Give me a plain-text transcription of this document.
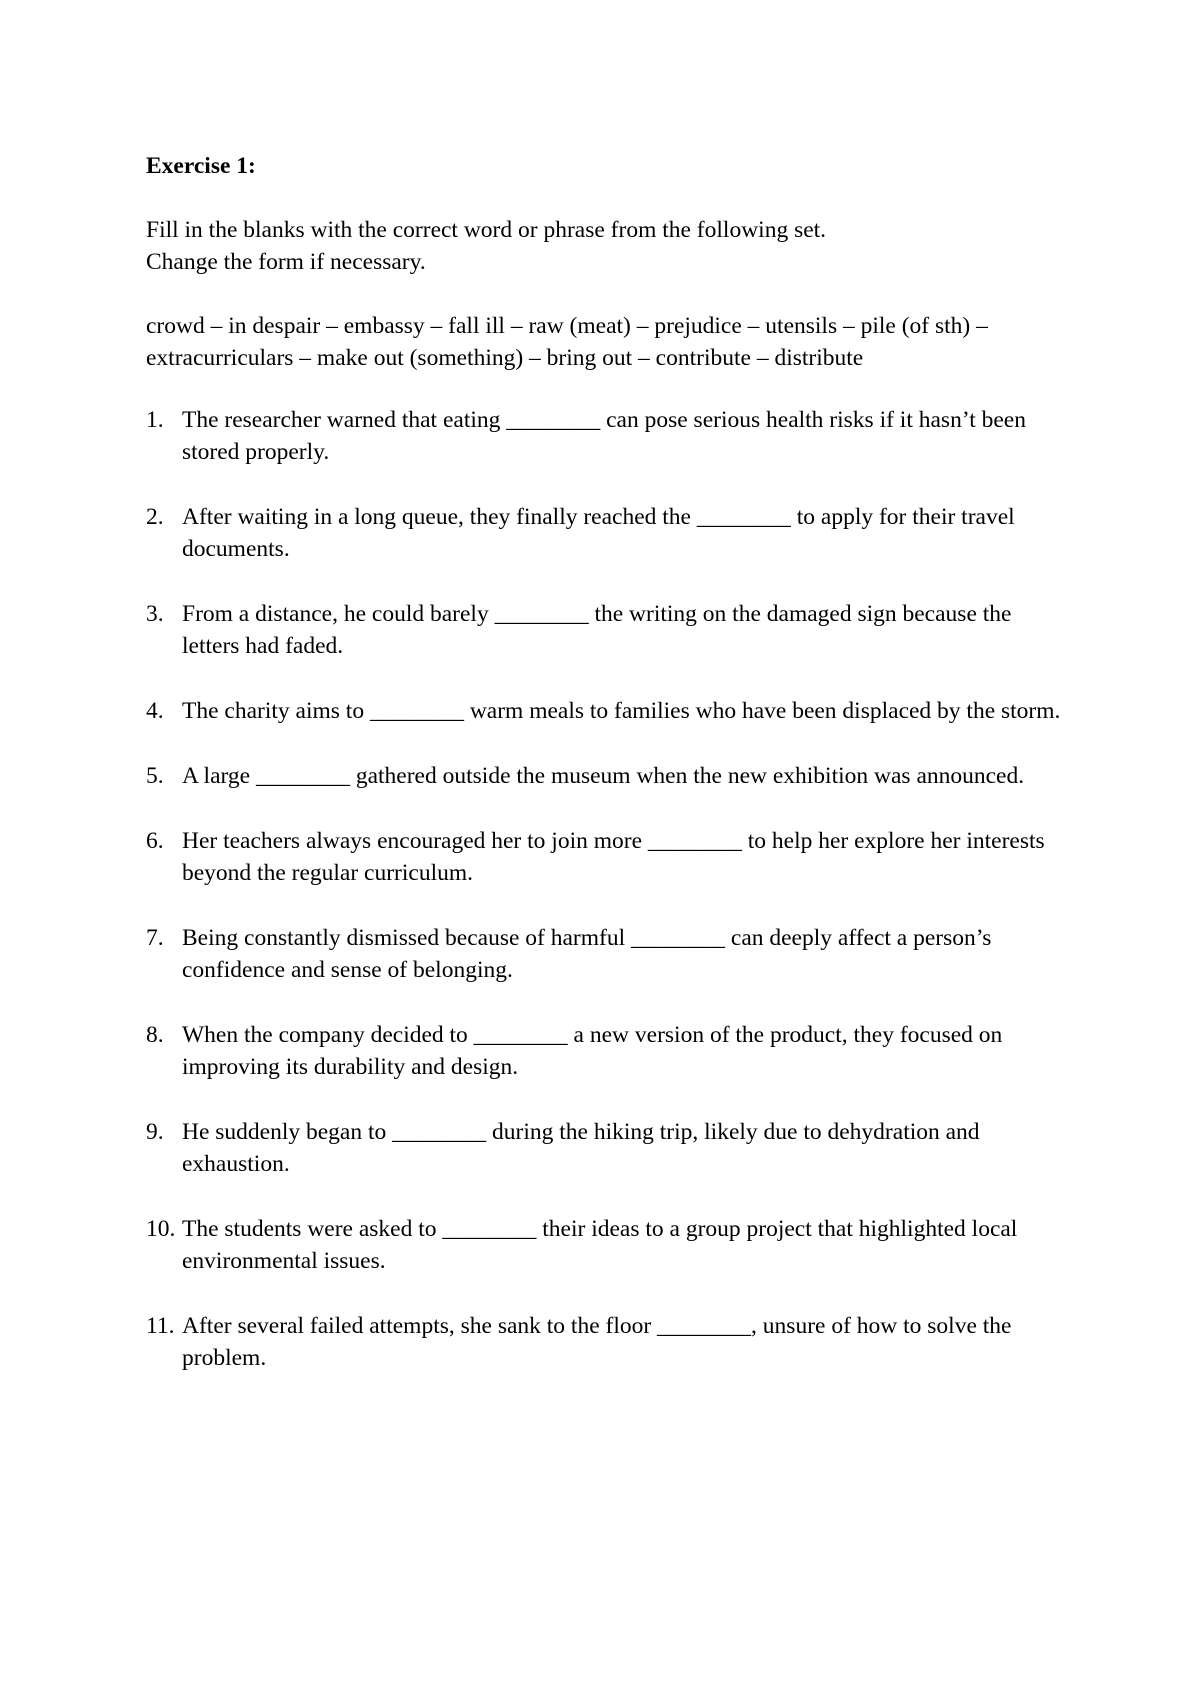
Exercise 1:
Fill in the blanks with the correct word or phrase from the following set.
Change the form if necessary.
crowd – in despair – embassy – fall ill – raw (meat) – prejudice – utensils – pile (of sth) – extracurriculars – make out (something) – bring out – contribute – distribute
1. The researcher warned that eating ________ can pose serious health risks if it hasn’t been stored properly.
2. After waiting in a long queue, they finally reached the ________ to apply for their travel documents.
3. From a distance, he could barely ________ the writing on the damaged sign because the letters had faded.
4. The charity aims to ________ warm meals to families who have been displaced by the storm.
5. A large ________ gathered outside the museum when the new exhibition was announced.
6. Her teachers always encouraged her to join more ________ to help her explore her interests beyond the regular curriculum.
7. Being constantly dismissed because of harmful ________ can deeply affect a person’s confidence and sense of belonging.
8. When the company decided to ________ a new version of the product, they focused on improving its durability and design.
9. He suddenly began to ________ during the hiking trip, likely due to dehydration and exhaustion.
10. The students were asked to ________ their ideas to a group project that highlighted local environmental issues.
11. After several failed attempts, she sank to the floor ________, unsure of how to solve the problem.
